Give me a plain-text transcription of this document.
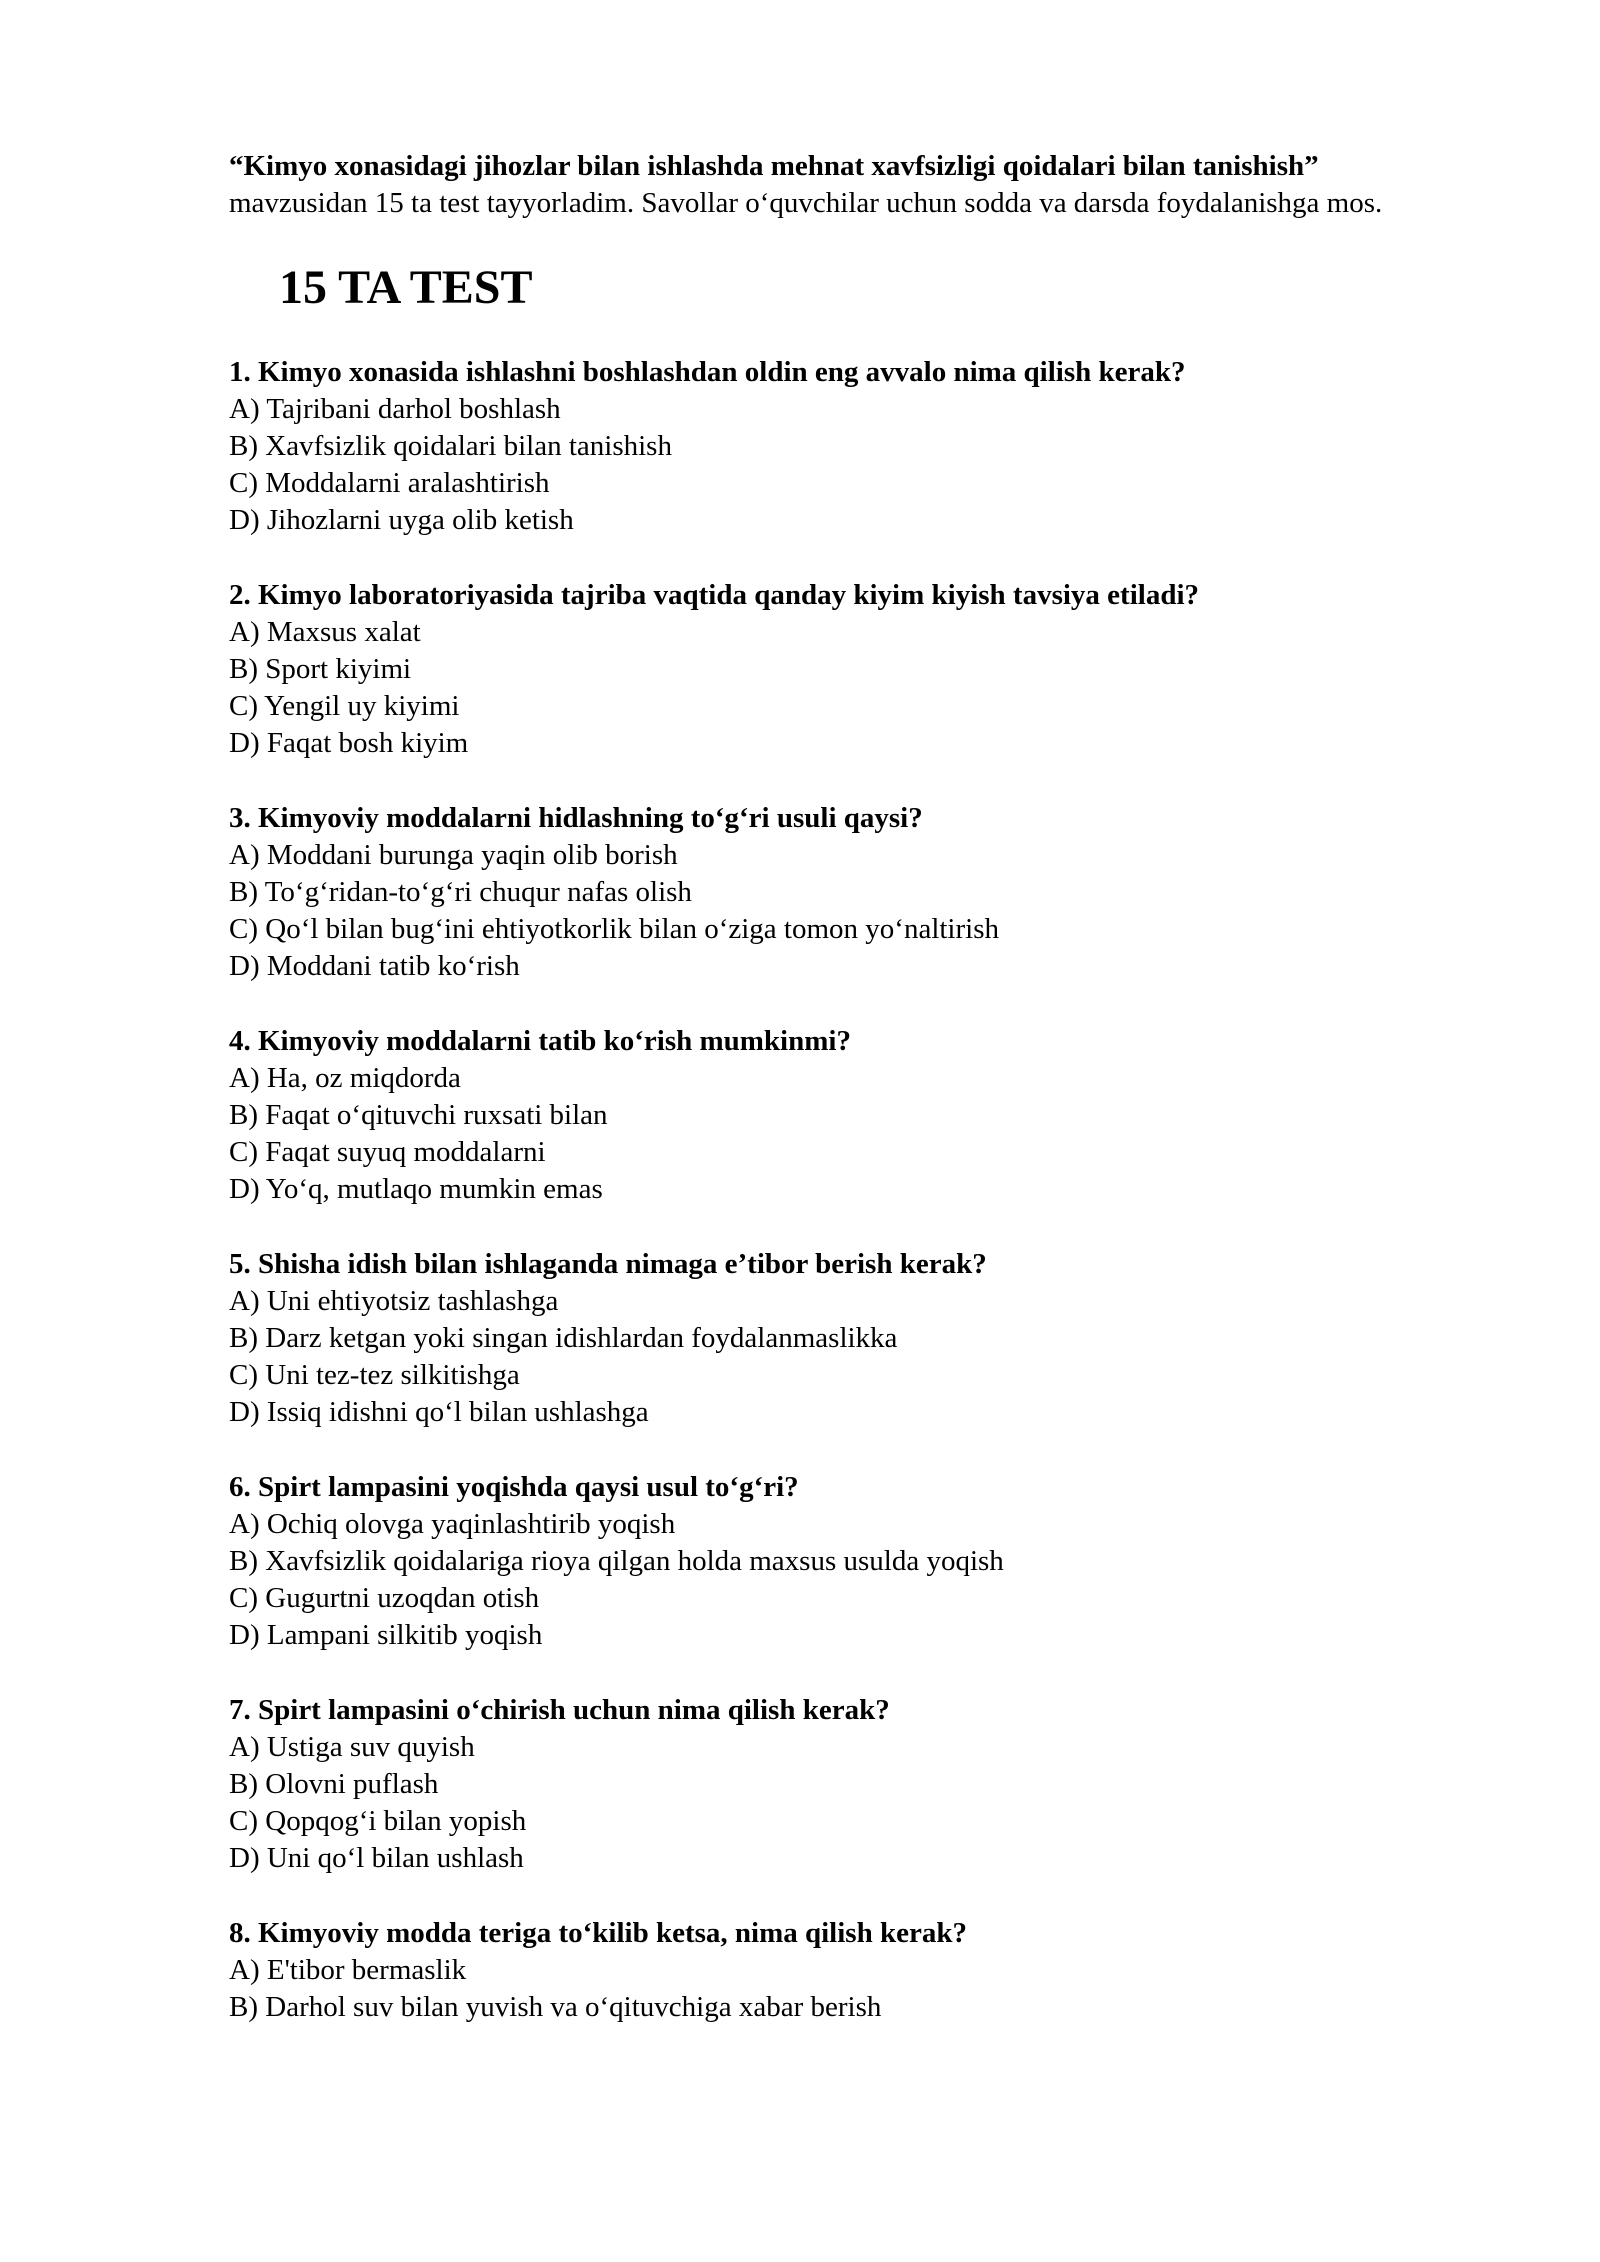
“Kimyo xonasidagi jihozlar bilan ishlashda mehnat xavfsizligi qoidalari bilan tanishish”
mavzusidan 15 ta test tayyorladim. Savollar oʻquvchilar uchun sodda va darsda foydalanishga mos.

15 TA TEST
1. Kimyo xonasida ishlashni boshlashdan oldin eng avvalo nima qilish kerak?
A) Tajribani darhol boshlash
B) Xavfsizlik qoidalari bilan tanishish
C) Moddalarni aralashtirish
D) Jihozlarni uyga olib ketish
2. Kimyo laboratoriyasida tajriba vaqtida qanday kiyim kiyish tavsiya etiladi?
A) Maxsus xalat
B) Sport kiyimi
C) Yengil uy kiyimi
D) Faqat bosh kiyim
3. Kimyoviy moddalarni hidlashning toʻgʻri usuli qaysi?
A) Moddani burunga yaqin olib borish
B) Toʻgʻridan-toʻgʻri chuqur nafas olish
C) Qoʻl bilan bugʻini ehtiyotkorlik bilan oʻziga tomon yoʻnaltirish
D) Moddani tatib koʻrish
4. Kimyoviy moddalarni tatib koʻrish mumkinmi?
A) Ha, oz miqdorda
B) Faqat oʻqituvchi ruxsati bilan
C) Faqat suyuq moddalarni
D) Yoʻq, mutlaqo mumkin emas
5. Shisha idish bilan ishlaganda nimaga e’tibor berish kerak?
A) Uni ehtiyotsiz tashlashga
B) Darz ketgan yoki singan idishlardan foydalanmaslikka
C) Uni tez-tez silkitishga
D) Issiq idishni qoʻl bilan ushlashga
6. Spirt lampasini yoqishda qaysi usul toʻgʻri?
A) Ochiq olovga yaqinlashtirib yoqish
B) Xavfsizlik qoidalariga rioya qilgan holda maxsus usulda yoqish
C) Gugurtni uzoqdan otish
D) Lampani silkitib yoqish
7. Spirt lampasini oʻchirish uchun nima qilish kerak?
A) Ustiga suv quyish
B) Olovni puflash
C) Qopqogʻi bilan yopish
D) Uni qoʻl bilan ushlash
8. Kimyoviy modda teriga toʻkilib ketsa, nima qilish kerak?
A) E'tibor bermaslik
B) Darhol suv bilan yuvish va oʻqituvchiga xabar berish
